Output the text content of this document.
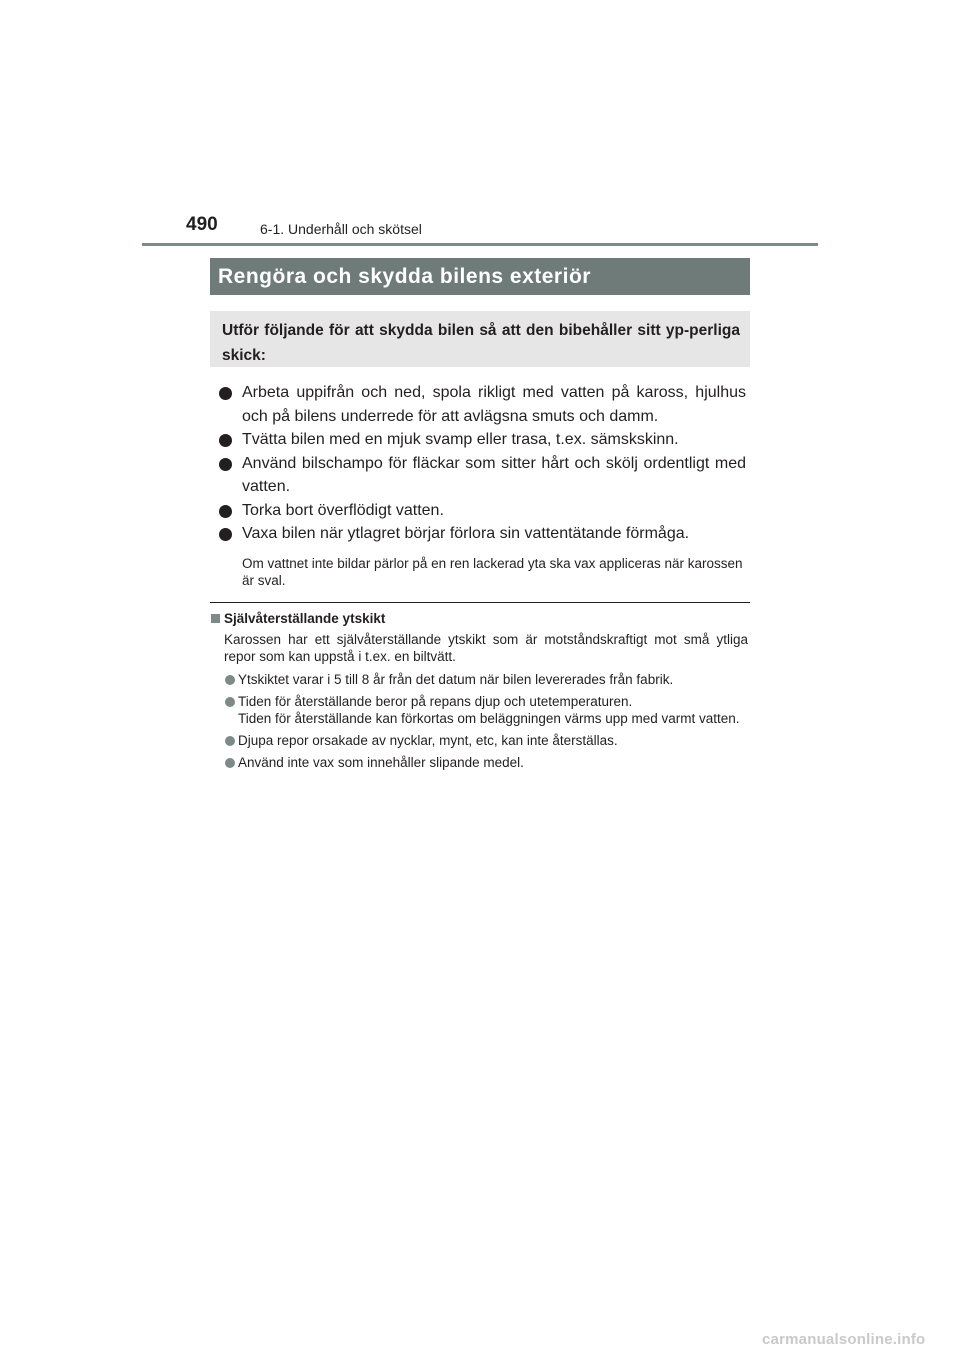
490	6-1. Underhåll och skötsel
Rengöra och skydda bilens exteriör

Utför följande för att skydda bilen så att den bibehåller sitt yp-perliga skick:

Arbeta uppifrån och ned, spola rikligt med vatten på kaross, hjulhus och på bilens underrede för att avlägsna smuts och damm.
Tvätta bilen med en mjuk svamp eller trasa, t.ex. sämskskinn.
Använd bilschampo för fläckar som sitter hårt och skölj ordentligt med vatten.
Torka bort överflödigt vatten.
Vaxa bilen när ytlagret börjar förlora sin vattentätande förmåga.

Om vattnet inte bildar pärlor på en ren lackerad yta ska vax appliceras när karossen är sval.

Självåterställande ytskikt

Karossen har ett självåterställande ytskikt som är motståndskraftigt mot små ytliga repor som kan uppstå i t.ex. en biltvätt.

Ytskiktet varar i 5 till 8 år från det datum när bilen levererades från fabrik.
Tiden för återställande beror på repans djup och utetemperaturen.
Tiden för återställande kan förkortas om beläggningen värms upp med varmt vatten.
Djupa repor orsakade av nycklar, mynt, etc, kan inte återställas.
Använd inte vax som innehåller slipande medel.
carmanualsonline.info
